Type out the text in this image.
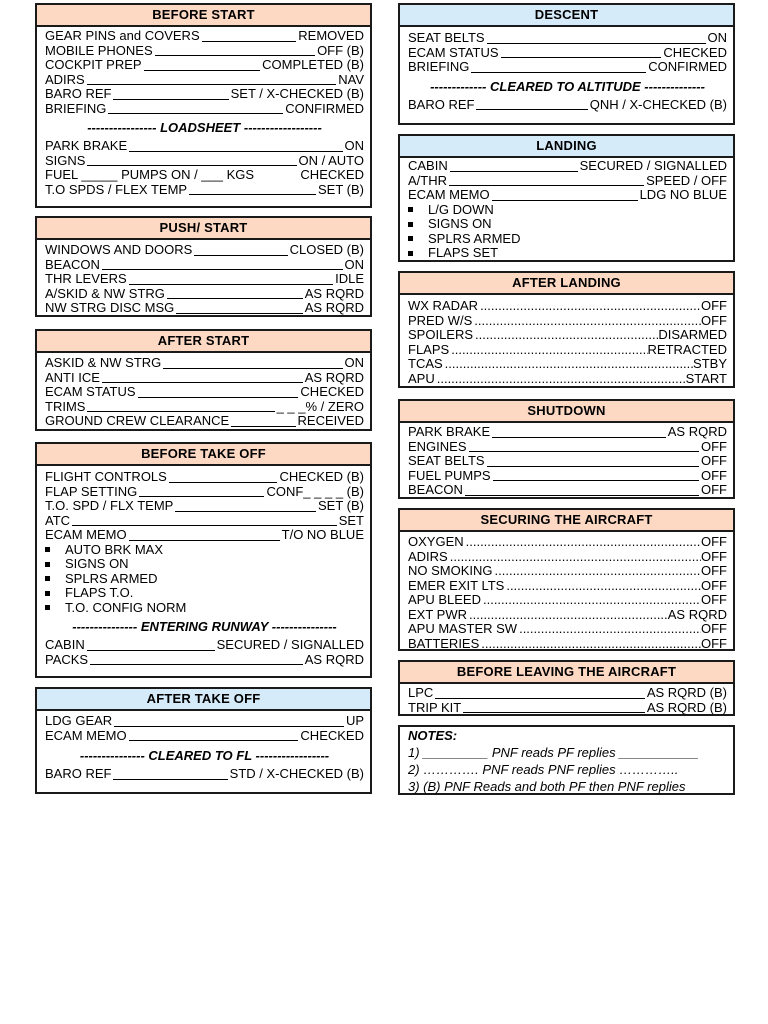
BEFORE START
GEAR PINS and COVERS	REMOVED
MOBILE PHONES	OFF (B)
COCKPIT PREP	COMPLETED (B)
ADIRS	NAV
BARO REF	SET / X-CHECKED (B)
BRIEFING	CONFIRMED
---------------- LOADSHEET ------------------
PARK BRAKE	ON
SIGNS	ON / AUTO
FUEL _____ PUMPS ON / ___ KGS	CHECKED
T.O SPDS / FLEX TEMP	SET (B)
PUSH/ START
WINDOWS AND DOORS	CLOSED (B)
BEACON	ON
THR LEVERS	IDLE
A/SKID & NW STRG	AS RQRD
NW STRG DISC MSG	AS RQRD
AFTER START
ASKID & NW STRG	ON
ANTI ICE	AS RQRD
ECAM STATUS	CHECKED
TRIMS	_ _ _% / ZERO
GROUND CREW CLEARANCE	RECEIVED
BEFORE TAKE OFF
FLIGHT CONTROLS	CHECKED (B)
FLAP SETTING	CONF_ _ _ _ (B)
T.O. SPD / FLX TEMP	SET (B)
ATC	SET
ECAM MEMO	T/O NO BLUE
AUTO BRK MAX
SIGNS ON
SPLRS ARMED
FLAPS T.O.
T.O. CONFIG NORM
--------------- ENTERING RUNWAY ---------------
CABIN	SECURED / SIGNALLED
PACKS	AS RQRD
AFTER TAKE OFF
LDG GEAR	UP
ECAM MEMO	CHECKED
--------------- CLEARED TO FL -----------------
BARO REF	STD / X-CHECKED (B)
DESCENT
SEAT BELTS	ON
ECAM STATUS	CHECKED
BRIEFING	CONFIRMED
------------- CLEARED TO ALTITUDE --------------
BARO REF	QNH / X-CHECKED (B)
LANDING
CABIN	SECURED / SIGNALLED
A/THR	SPEED / OFF
ECAM MEMO	LDG NO BLUE
L/G DOWN
SIGNS ON
SPLRS ARMED
FLAPS SET
AFTER LANDING
WX RADAR .....	OFF
PRED W/S .....	OFF
SPOILERS .....	DISARMED
FLAPS .....	RETRACTED
TCAS .....	STBY
APU .....	START
SHUTDOWN
PARK BRAKE	AS RQRD
ENGINES	OFF
SEAT BELTS	OFF
FUEL PUMPS	OFF
BEACON	OFF
SECURING THE AIRCRAFT
OXYGEN .....	OFF
ADIRS .....	OFF
NO SMOKING .....	OFF
EMER EXIT LTS .....	OFF
APU BLEED .....	OFF
EXT PWR .....	AS RQRD
APU MASTER SW .....	OFF
BATTERIES .....	OFF
BEFORE LEAVING THE AIRCRAFT
LPC	AS RQRD (B)
TRIP KIT	AS RQRD (B)
NOTES:
1) _________ PNF reads PF replies ___________
2) …………. PNF reads PNF replies …………..
3) (B) PNF Reads and both PF then PNF replies
